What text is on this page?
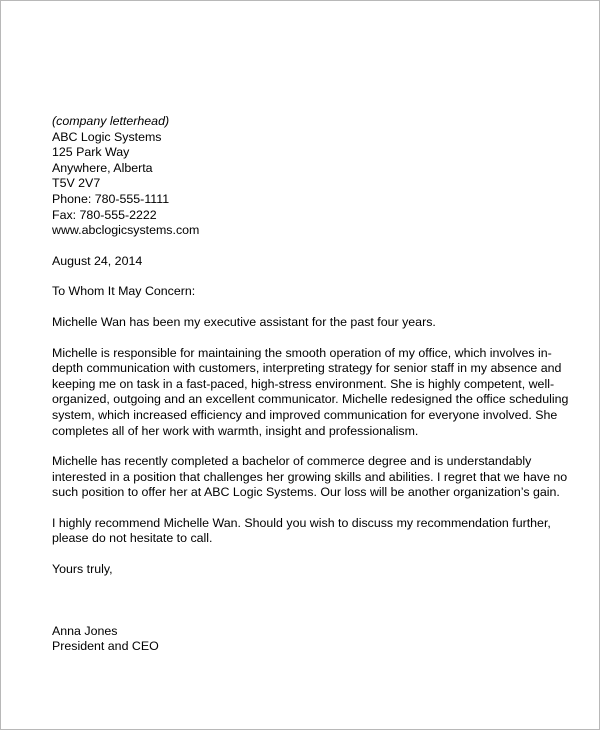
(company letterhead)
ABC Logic Systems
125 Park Way
Anywhere, Alberta
T5V 2V7
Phone: 780-555-1111
Fax: 780-555-2222
www.abclogicsystems.com
August 24, 2014
To Whom It May Concern:

Michelle Wan has been my executive assistant for the past four years.

Michelle is responsible for maintaining the smooth operation of my office, which involves in-
depth communication with customers, interpreting strategy for senior staff in my absence and
keeping me on task in a fast-paced, high-stress environment. She is highly competent, well-
organized, outgoing and an excellent communicator. Michelle redesigned the office scheduling
system, which increased efficiency and improved communication for everyone involved. She
completes all of her work with warmth, insight and professionalism.

Michelle has recently completed a bachelor of commerce degree and is understandably
interested in a position that challenges her growing skills and abilities. I regret that we have no
such position to offer her at ABC Logic Systems. Our loss will be another organization’s gain.

I highly recommend Michelle Wan. Should you wish to discuss my recommendation further,
please do not hesitate to call.

Yours truly,
Anna Jones
President and CEO
